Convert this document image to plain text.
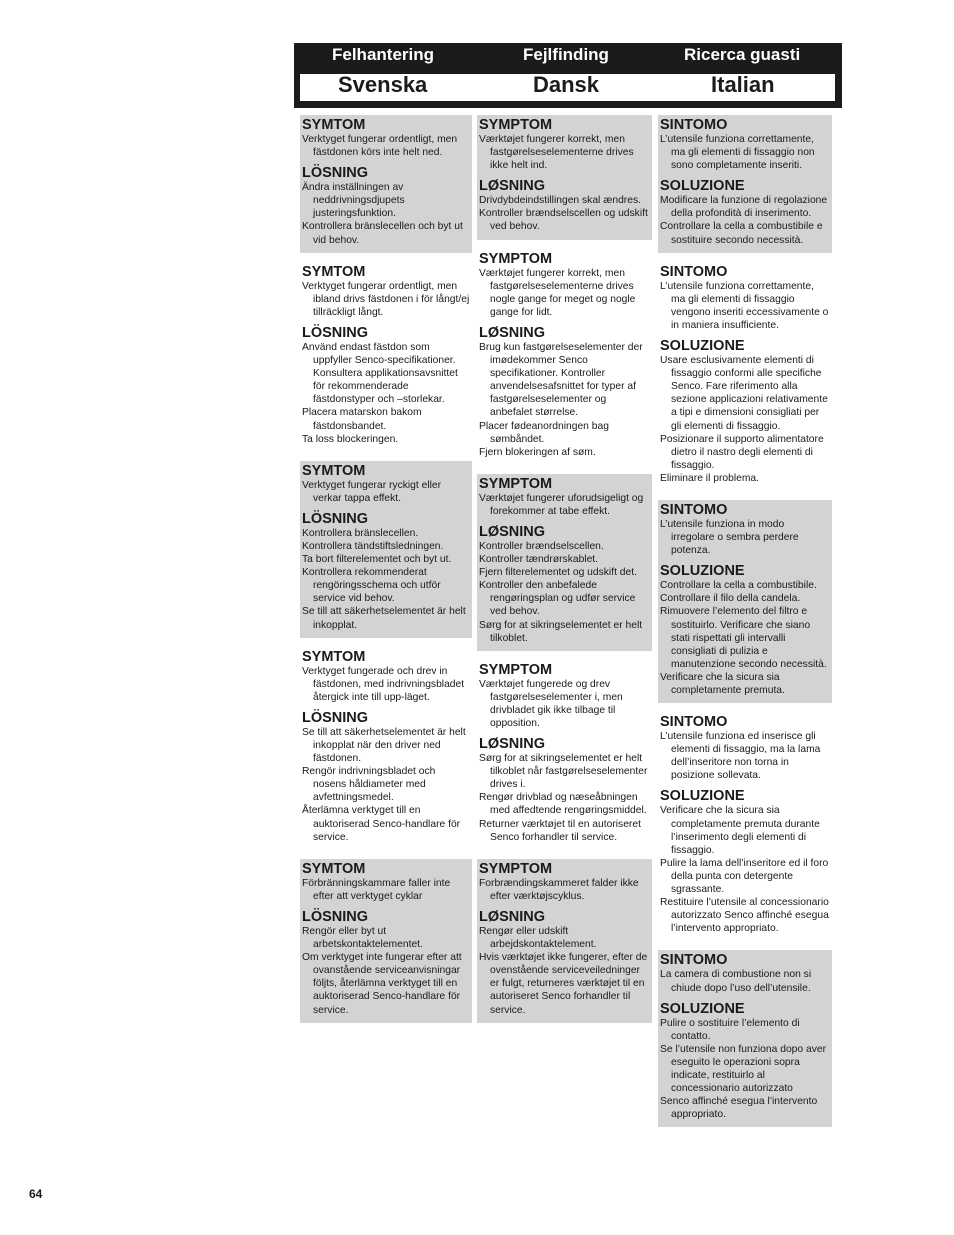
Felhantering	Fejlfinding	Ricerca guasti
Svenska	Dansk	Italian
SYMTOM
Verktyget fungerar ordentligt, men fästdonen körs inte helt ned.
LÖSNING
Ändra inställningen av neddrivningsdjupets justeringsfunktion.
Kontrollera bränslecellen och byt ut vid behov.
SYMTOM
Verktyget fungerar ordentligt, men ibland drivs fästdonen i för långt/ej tillräckligt långt.
LÖSNING
Använd endast fästdon som uppfyller Senco-specifikationer. Konsultera applikationsavsnittet för rekommenderade fästdonstyper och –storlekar.
Placera matarskon bakom fästdonsbandet.
Ta loss blockeringen.
SYMTOM
Verktyget fungerar ryckigt eller verkar tappa effekt.
LÖSNING
Kontrollera bränslecellen.
Kontrollera tändstiftsledningen.
Ta bort filterelementet och byt ut.
Kontrollera rekommenderat rengöringsschema och utför service vid behov.
Se till att säkerhetselementet är helt inkopplat.
SYMTOM
Verktyget fungerade och drev in fästdonen, med indrivningsbladet återgick inte till upp-läget.
LÖSNING
Se till att säkerhetselementet är helt inkopplat när den driver ned fästdonen.
Rengör indrivningsbladet och nosens håldiameter med avfettningsmedel.
Återlämna verktyget till en auktoriserad Senco-handlare för service.
SYMTOM
Förbränningskammare faller inte efter att verktyget cyklar
LÖSNING
Rengör eller byt ut arbetskontaktelementet.
Om verktyget inte fungerar efter att ovanstående serviceanvisningar följts, återlämna verktyget till en auktoriserad Senco-handlare för service.
SYMPTOM
Værktøjet fungerer korrekt, men fastgørelseselementerne drives ikke helt ind.
LØSNING
Drivdybdeindstillingen skal ændres.
Kontroller brændselscellen og udskift ved behov.
SYMPTOM
Værktøjet fungerer korrekt, men fastgørelseselementerne drives nogle gange for meget og nogle gange for lidt.
LØSNING
Brug kun fastgørelseselementer der imødekommer Senco specifikationer. Kontroller anvendelsesafsnittet for typer af fastgørelseselementer og anbefalet størrelse.
Placer fødeanordningen bag sømbåndet.
Fjern blokeringen af søm.
SYMPTOM
Værktøjet fungerer uforudsigeligt og forekommer at tabe effekt.
LØSNING
Kontroller brændselscellen.
Kontroller tændrørskablet.
Fjern filterelementet og udskift det.
Kontroller den anbefalede rengøringsplan og udfør service ved behov.
Sørg for at sikringselementet er helt tilkoblet.
SYMPTOM
Værktøjet fungerede og drev fastgørelseselementer i, men drivbladet gik ikke tilbage til opposition.
LØSNING
Sørg for at sikringselementet er helt tilkoblet når fastgørelseselementer drives i.
Rengør drivblad og næseåbningen med affedtende rengøringsmiddel.
Returner værktøjet til en autoriseret Senco forhandler til service.
SYMPTOM
Forbrændingskammeret falder ikke efter værktøjscyklus.
LØSNING
Rengør eller udskift arbejdskontaktelement.
Hvis værktøjet ikke fungerer, efter de ovenstående serviceveiledninger er fulgt, returneres værktøjet til en autoriseret Senco forhandler til service.
SINTOMO
L’utensile funziona correttamente, ma gli elementi di fissaggio non sono completamente inseriti.
SOLUZIONE
Modificare la funzione di regolazione della profondità di inserimento.
Controllare la cella a combustibile e sostituire secondo necessità.
SINTOMO
L’utensile funziona correttamente, ma gli elementi di fissaggio vengono inseriti eccessivamente o in maniera insufficiente.
SOLUZIONE
Usare esclusivamente elementi di fissaggio conformi alle specifiche Senco. Fare riferimento alla sezione applicazioni relativamente a tipi e dimensioni consigliati per gli elementi di fissaggio.
Posizionare il supporto alimentatore dietro il nastro degli elementi di fissaggio.
Eliminare il problema.
SINTOMO
L’utensile funziona in modo irregolare o sembra perdere potenza.
SOLUZIONE
Controllare la cella a combustibile.
Controllare il filo della candela.
Rimuovere l’elemento del filtro e sostituirlo. Verificare che siano stati rispettati gli intervalli consigliati di pulizia e manutenzione secondo necessità.
Verificare che la sicura sia completamente premuta.
SINTOMO
L’utensile funziona ed inserisce gli elementi di fissaggio, ma la lama dell’inseritore non torna in posizione sollevata.
SOLUZIONE
Verificare che la sicura sia completamente premuta durante l’inserimento degli elementi di fissaggio.
Pulire la lama dell’inseritore ed il foro della punta con detergente sgrassante.
Restituire l’utensile al concessionario autorizzato Senco affinché esegua l’intervento appropriato.
SINTOMO
La camera di combustione non si chiude dopo l’uso dell’utensile.
SOLUZIONE
Pulire o sostituire l’elemento di contatto.
Se l’utensile non funziona dopo aver eseguito le operazioni sopra indicate, restituirlo al concessionario autorizzato
Senco affinché esegua l’intervento appropriato.
64
